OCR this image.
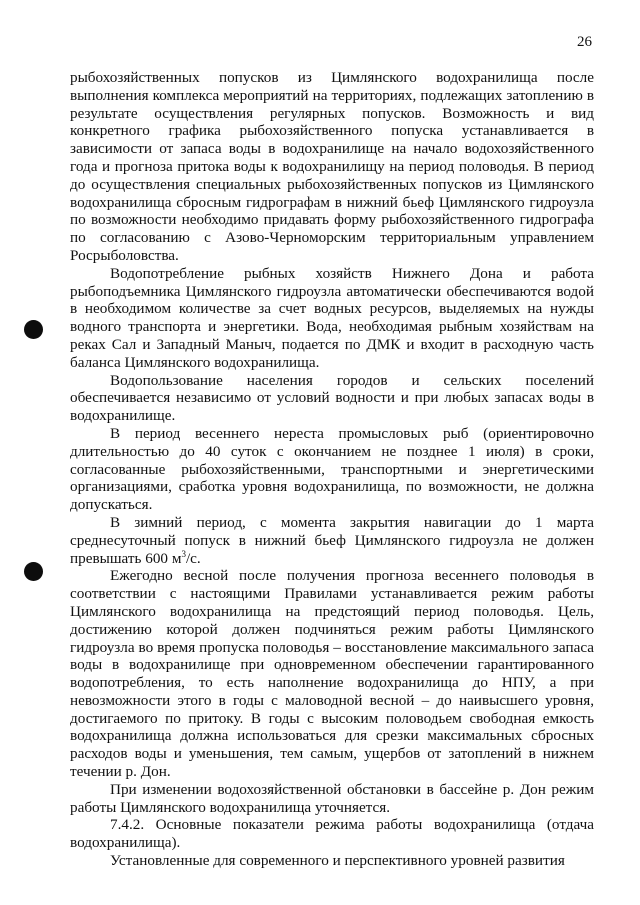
26

рыбохозяйственных попусков из Цимлянского водохранилища после выполнения комплекса мероприятий на территориях, подлежащих затоплению в результате осуществления регулярных попусков. Возможность и вид конкретного графика рыбохозяйственного попуска устанавливается в зависимости от запаса воды в водохранилище на начало водохозяйственного года и прогноза притока воды к водохранилищу на период половодья. В период до осуществления специальных рыбохозяйственных попусков из Цимлянского водохранилища сбросным гидрографам в нижний бьеф Цимлянского гидроузла по возможности необходимо придавать форму рыбохозяйственного гидрографа по согласованию с Азово-Черноморским территориальным управлением Росрыболовства.

Водопотребление рыбных хозяйств Нижнего Дона и работа рыбоподъемника Цимлянского гидроузла автоматически обеспечиваются водой в необходимом количестве за счет водных ресурсов, выделяемых на нужды водного транспорта и энергетики. Вода, необходимая рыбным хозяйствам на реках Сал и Западный Маныч, подается по ДМК и входит в расходную часть баланса Цимлянского водохранилища.

Водопользование населения городов и сельских поселений обеспечивается независимо от условий водности и при любых запасах воды в водохранилище.

В период весеннего нереста промысловых рыб (ориентировочно длительностью до 40 суток с окончанием не позднее 1 июля) в сроки, согласованные рыбохозяйственными, транспортными и энергетическими организациями, сработка уровня водохранилища, по возможности, не должна допускаться.

В зимний период, с момента закрытия навигации до 1 марта среднесуточный попуск в нижний бьеф Цимлянского гидроузла не должен превышать 600 $м^3/с$.

Ежегодно весной после получения прогноза весеннего половодья в соответствии с настоящими Правилами устанавливается режим работы Цимлянского водохранилища на предстоящий период половодья. Цель, достижению которой должен подчиняться режим работы Цимлянского гидроузла во время пропуска половодья – восстановление максимального запаса воды в водохранилище при одновременном обеспечении гарантированного водопотребления, то есть наполнение водохранилища до НПУ, а при невозможности этого в годы с маловодной весной – до наивысшего уровня, достигаемого по притоку. В годы с высоким половодьем свободная емкость водохранилища должна использоваться для срезки максимальных сбросных расходов воды и уменьшения, тем самым, ущербов от затоплений в нижнем течении р. Дон.

При изменении водохозяйственной обстановки в бассейне р. Дон режим работы Цимлянского водохранилища уточняется.

7.4.2. Основные показатели режима работы водохранилища (отдача водохранилища).

Установленные для современного и перспективного уровней развития
